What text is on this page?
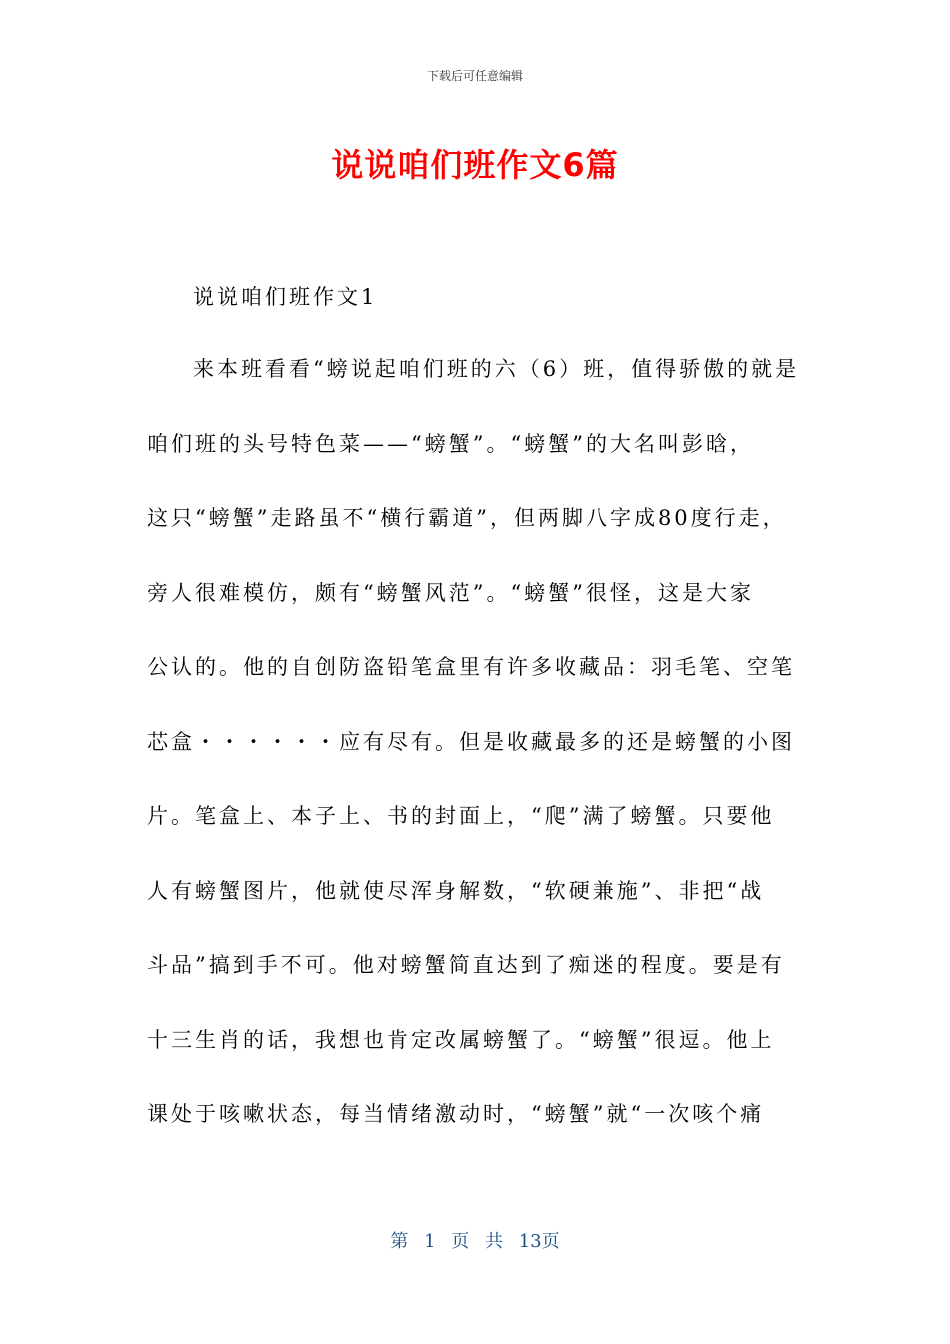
下载后可任意编辑
说说咱们班作文6篇
说说咱们班作文1
来本班看看“螃说起咱们班的六（6）班，值得骄傲的就是
咱们班的头号特色菜——“螃蟹”。“螃蟹”的大名叫彭晗，
这只“螃蟹”走路虽不“横行霸道”，但两脚八字成80度行走，
旁人很难模仿，颇有“螃蟹风范”。“螃蟹”很怪，这是大家
公认的。他的自创防盗铅笔盒里有许多收藏品：羽毛笔、空笔
芯盒・・・・・・应有尽有。但是收藏最多的还是螃蟹的小图
片。笔盒上、本子上、书的封面上，“爬”满了螃蟹。只要他
人有螃蟹图片，他就使尽浑身解数，“软硬兼施”、非把“战
斗品”搞到手不可。他对螃蟹简直达到了痴迷的程度。要是有
十三生肖的话，我想也肯定改属螃蟹了。“螃蟹”很逗。他上
课处于咳嗽状态，每当情绪激动时，“螃蟹”就“一次咳个痛
第 1 页 共 13页
